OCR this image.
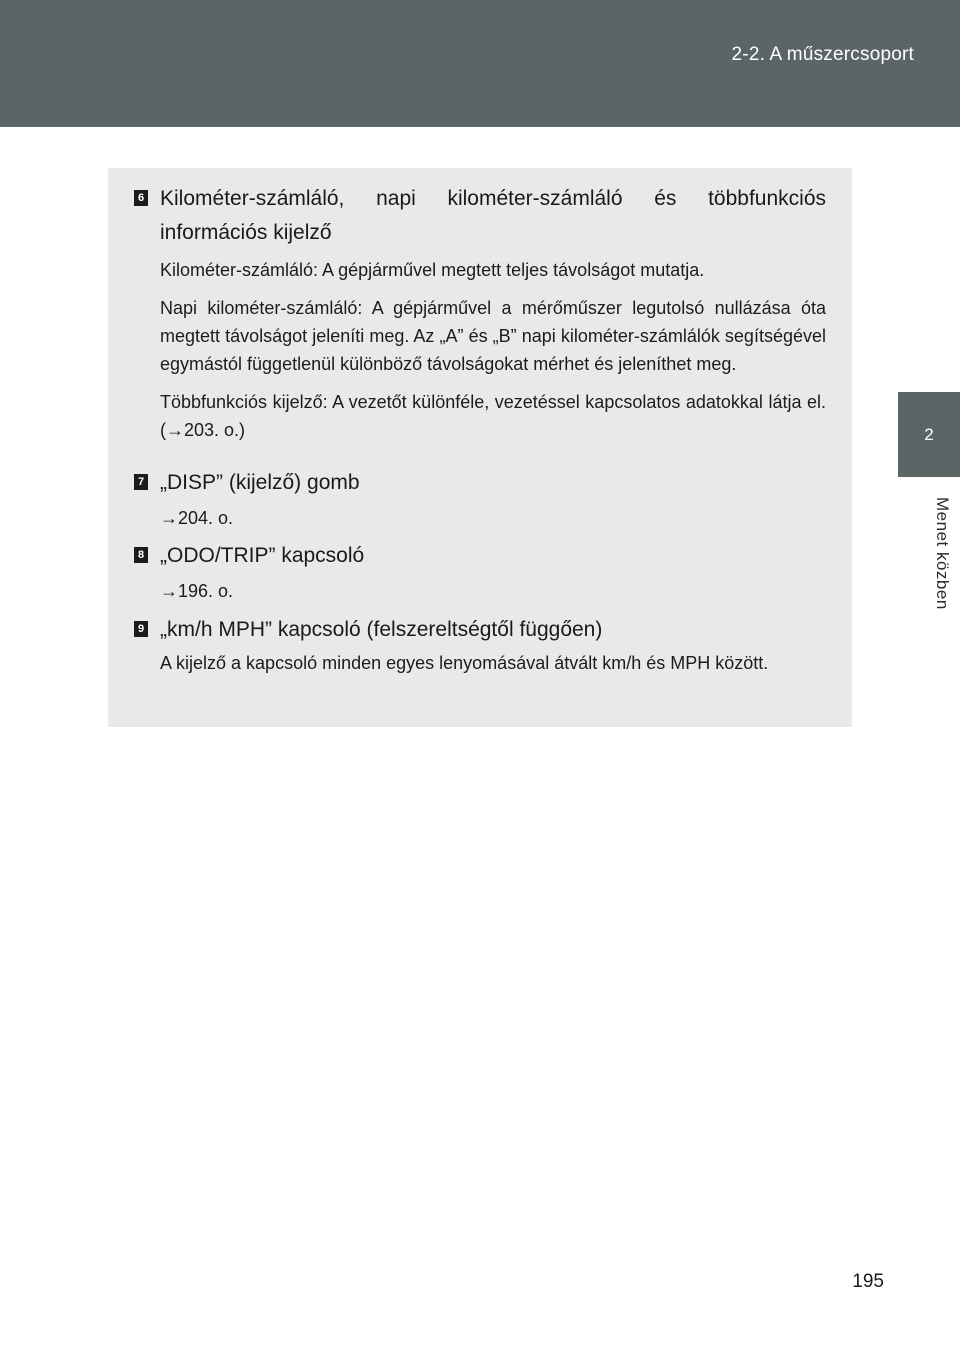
2-2. A műszercsoport
2
Menet közben
6 Kilométer-számláló, napi kilométer-számláló és többfunkciós információs kijelző
Kilométer-számláló: A gépjárművel megtett teljes távolságot mutatja.
Napi kilométer-számláló: A gépjárművel a mérőműszer legutolsó nullázása óta megtett távolságot jeleníti meg. Az „A” és „B” napi kilométer-számlálók segítségével egymástól függetlenül különböző távolságokat mérhet és jeleníthet meg.
Többfunkciós kijelző: A vezetőt különféle, vezetéssel kapcsolatos adatokkal látja el. (→203. o.)
7 „DISP” (kijelző) gomb
→204. o.
8 „ODO/TRIP” kapcsoló
→196. o.
9 „km/h MPH” kapcsoló (felszereltségtől függően)
A kijelző a kapcsoló minden egyes lenyomásával átvált km/h és MPH között.
195
